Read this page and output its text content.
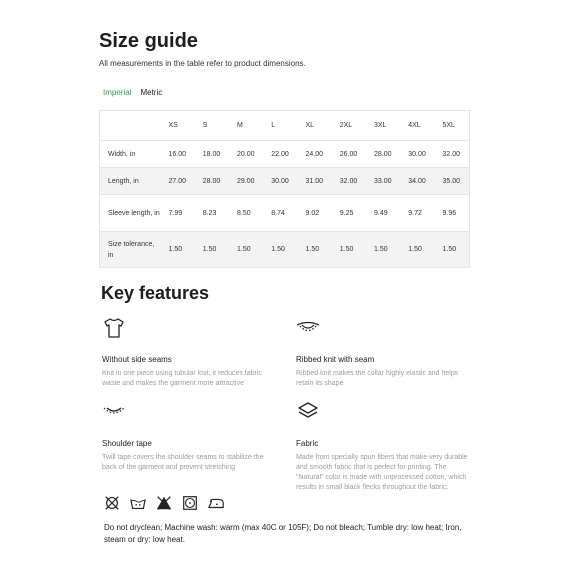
Size guide
All measurements in the table refer to product dimensions.
Imperial Metric
	XS	S	M	L	XL	2XL	3XL	4XL	5XL
Width, in	16.00	18.00	20.00	22.00	24.00	26.00	28.00	30.00	32.00
Length, in	27.00	28.00	29.00	30.00	31.00	32.00	33.00	34.00	35.00
Sleeve length, in	7.99	8.23	8.50	8.74	9.02	9.25	9.49	9.72	9.96
Size tolerance, in	1.50	1.50	1.50	1.50	1.50	1.50	1.50	1.50	1.50
Key features
Without side seams
Knit in one piece using tubular knit, it reduces fabric waste and makes the garment more attractive
Ribbed knit with seam
Ribbed knit makes the collar highly elastic and helps retain its shape
Shoulder tape
Twill tape covers the shoulder seams to stabilize the back of the garment and prevent stretching
Fabric
Made from specially spun fibers that make very durable and smooth fabric that is perfect for printing. The "Natural" color is made with unprocessed cotton, which results in small black flecks throughout the fabric.
Do not dryclean; Machine wash: warm (max 40C or 105F); Do not bleach; Tumble dry: low heat; Iron, steam or dry: low heat.
